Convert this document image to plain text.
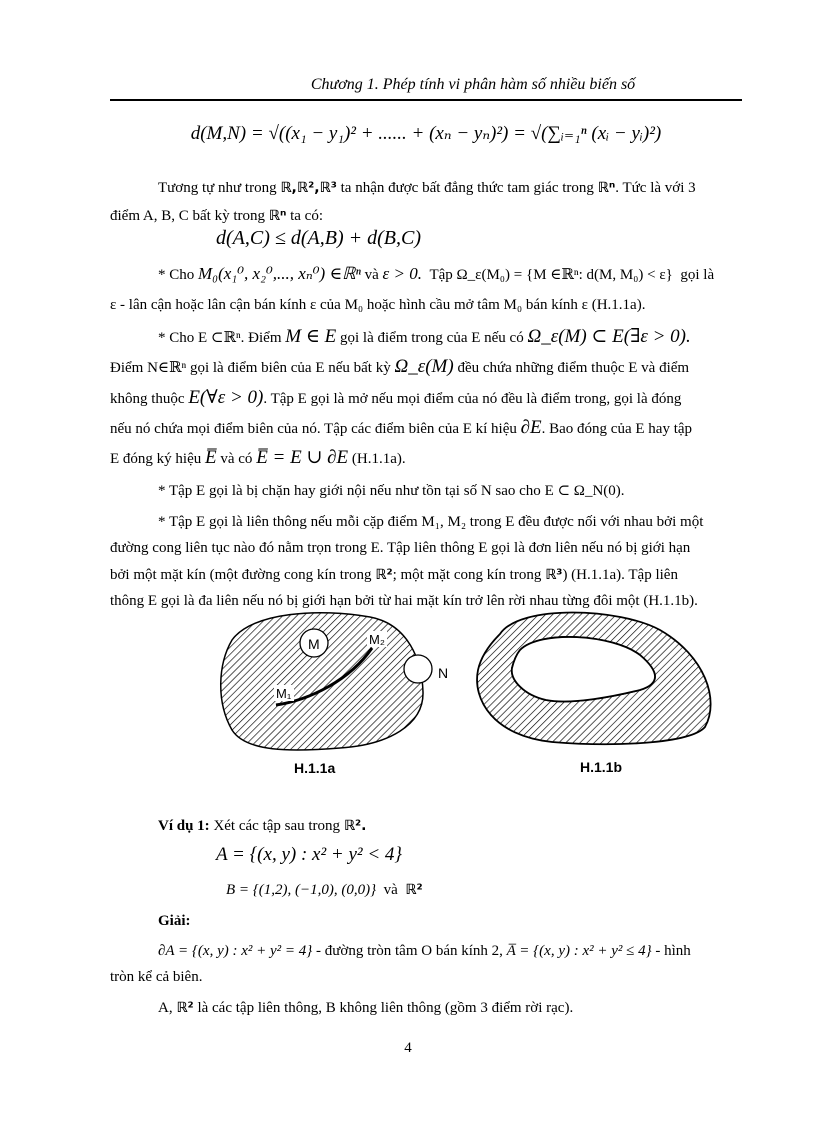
Chương 1. Phép tính vi phân hàm số nhiều biến số
d(M,N) = √((x₁ − y₁)² + ...... + (xₙ − yₙ)²) = √(∑ᵢ₌₁ⁿ (xᵢ − yᵢ)²)
Tương tự như trong ℝ,ℝ²,ℝ³ ta nhận được bất đẳng thức tam giác trong ℝⁿ. Tức là với 3
điểm A, B, C bất kỳ trong ℝⁿ ta có:
d(A,C) ≤ d(A,B) + d(B,C)
* Cho M₀(x₁⁰, x₂⁰,..., xₙ⁰) ∈ℝⁿ và ε > 0. Tập Ω_ε(M₀) = {M ∈ℝⁿ: d(M, M₀) < ε} gọi là
ε - lân cận hoặc lân cận bán kính ε của M₀ hoặc hình cầu mở tâm M₀ bán kính ε (H.1.1a).
* Cho E ⊂ℝⁿ. Điểm M ∈ E gọi là điểm trong của E nếu có Ω_ε(M) ⊂ E(∃ε > 0).
Điểm N∈ℝⁿ gọi là điểm biên của E nếu bất kỳ Ω_ε(M) đều chứa những điểm thuộc E và điểm
không thuộc E(∀ε > 0). Tập E gọi là mở nếu mọi điểm của nó đều là điểm trong, gọi là đóng
nếu nó chứa mọi điểm biên của nó. Tập các điểm biên của E kí hiệu ∂E. Bao đóng của E hay tập
E đóng ký hiệu E̅ và có E̅ = E ∪ ∂E (H.1.1a).
* Tập E gọi là bị chặn hay giới nội nếu như tồn tại số N sao cho E ⊂ Ω_N(0).
* Tập E gọi là liên thông nếu mỗi cặp điểm M₁, M₂ trong E đều được nối với nhau bởi một
đường cong liên tục nào đó nằm trọn trong E. Tập liên thông E gọi là đơn liên nếu nó bị giới hạn
bởi một mặt kín (một đường cong kín trong ℝ²; một mặt cong kín trong ℝ³) (H.1.1a). Tập liên
thông E gọi là đa liên nếu nó bị giới hạn bởi từ hai mặt kín trở lên rời nhau từng đôi một (H.1.1b).
M	M₂
M₁
N
H.1.1a	H.1.1b
Ví dụ 1: Xét các tập sau trong ℝ².
A = {(x, y) : x² + y² < 4}
B = {(1,2), (−1,0), (0,0)} và ℝ²
Giải:
∂A = {(x, y) : x² + y² = 4} - đường tròn tâm O bán kính 2, A̅ = {(x, y) : x² + y² ≤ 4} - hình
tròn kể cả biên.
A, ℝ² là các tập liên thông, B không liên thông (gồm 3 điểm rời rạc).
4
